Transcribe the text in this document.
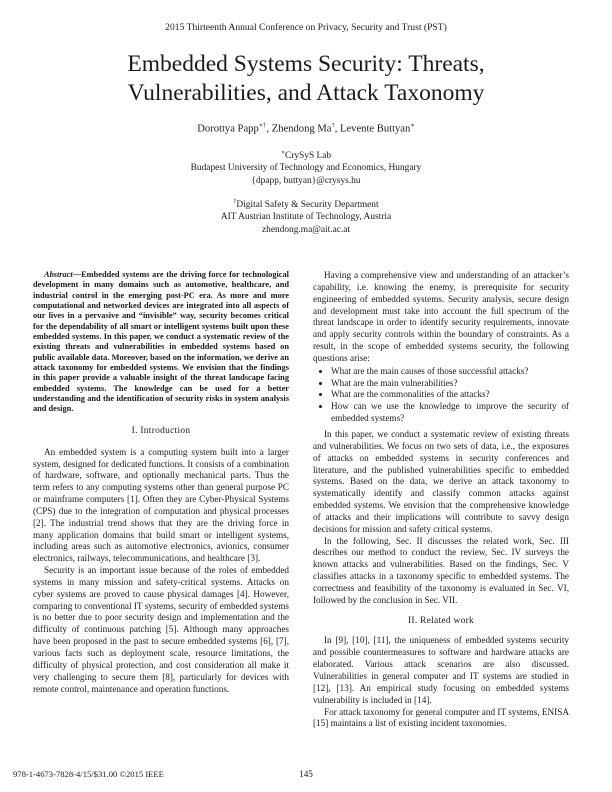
2015 Thirteenth Annual Conference on Privacy, Security and Trust (PST)
Embedded Systems Security: Threats, Vulnerabilities, and Attack Taxonomy
Dorottya Papp∗†, Zhendong Ma†, Levente Buttyan∗
∗CrySyS Lab
Budapest University of Technology and Economics, Hungary
{dpapp, buttyan}@crysys.hu
†Digital Safety & Security Department
AIT Austrian Institute of Technology, Austria
zhendong.ma@ait.ac.at

Abstract—Embedded systems are the driving force for technological development in many domains such as automotive, healthcare, and industrial control in the emerging post-PC era. As more and more computational and networked devices are integrated into all aspects of our lives in a pervasive and “invisible” way, security becomes critical for the dependability of all smart or intelligent systems built upon these embedded systems. In this paper, we conduct a systematic review of the existing threats and vulnerabilities in embedded systems based on public available data. Moreover, based on the information, we derive an attack taxonomy for embedded systems. We envision that the findings in this paper provide a valuable insight of the threat landscape facing embedded systems. The knowledge can be used for a better understanding and the identification of security risks in system analysis and design.

I. Introduction

An embedded system is a computing system built into a larger system, designed for dedicated functions. It consists of a combination of hardware, software, and optionally mechanical parts. Thus the term refers to any computing systems other than general purpose PC or mainframe computers [1]. Often they are Cyber-Physical Systems (CPS) due to the integration of computation and physical processes [2]. The industrial trend shows that they are the driving force in many application domains that build smart or intelligent systems, including areas such as automotive electronics, avionics, consumer electronics, railways, telecommunications, and healthcare [3].

Security is an important issue because of the roles of embedded systems in many mission and safety-critical systems. Attacks on cyber systems are proved to cause physical damages [4]. However, comparing to conventional IT systems, security of embedded systems is no better due to poor security design and implementation and the difficulty of continuous patching [5]. Although many approaches have been proposed in the past to secure embedded systems [6], [7], various facts such as deployment scale, resource limitations, the difficulty of physical protection, and cost consideration all make it very challenging to secure them [8], particularly for devices with remote control, maintenance and operation functions.

Having a comprehensive view and understanding of an attacker’s capability, i.e. knowing the enemy, is prerequisite for security engineering of embedded systems. Security analysis, secure design and development must take into account the full spectrum of the threat landscape in order to identify security requirements, innovate and apply security controls within the boundary of constraints. As a result, in the scope of embedded systems security, the following questions arise:

• What are the main causes of those successful attacks?
• What are the main vulnerabilities?
• What are the commonalities of the attacks?
• How can we use the knowledge to improve the security of embedded systems?

In this paper, we conduct a systematic review of existing threats and vulnerabilities. We focus on two sets of data, i.e., the exposures of attacks on embedded systems in security conferences and literature, and the published vulnerabilities specific to embedded systems. Based on the data, we derive an attack taxonomy to systematically identify and classify common attacks against embedded systems. We envision that the comprehensive knowledge of attacks and their implications will contribute to savvy design decisions for mission and safety critical systems.

In the following, Sec. II discusses the related work, Sec. III describes our method to conduct the review, Sec. IV surveys the known attacks and vulnerabilities. Based on the findings, Sec. V classifies attacks in a taxonomy specific to embedded systems. The correctness and feasibility of the taxonomy is evaluated in Sec. VI, followed by the conclusion in Sec. VII.

II. Related work

In [9], [10], [11], the uniqueness of embedded systems security and possible countermeasures to software and hardware attacks are elaborated. Various attack scenarios are also discussed. Vulnerabilities in general computer and IT systems are studied in [12], [13]. An empirical study focusing on embedded systems vulnerability is included in [14].

For attack taxonomy for general computer and IT systems, ENISA [15] maintains a list of existing incident taxonomies.

978-1-4673-7828-4/15/$31.00 ©2015 IEEE	145
